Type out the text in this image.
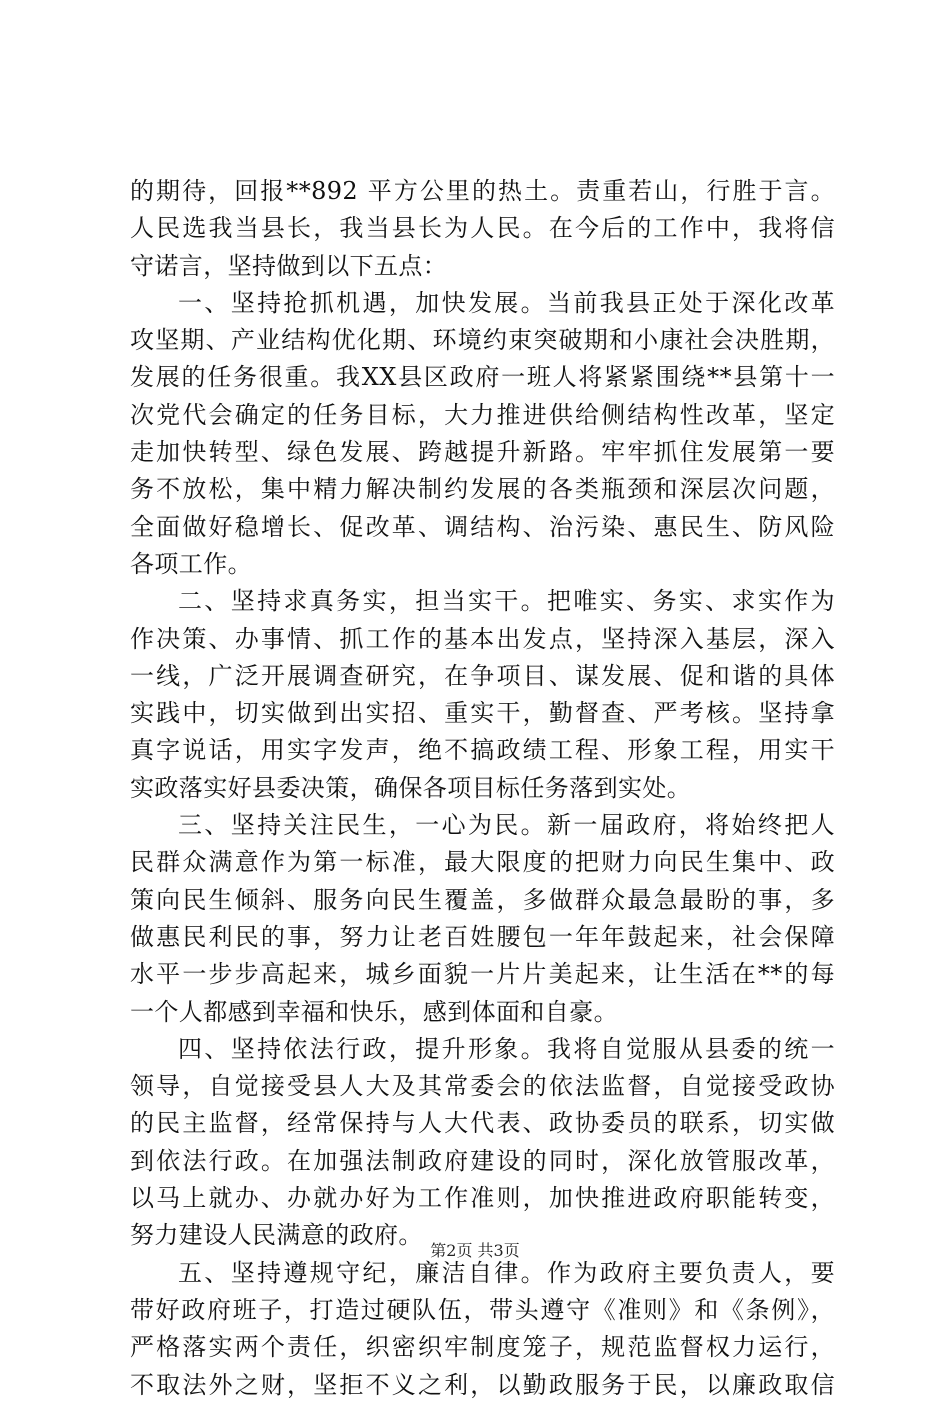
的期待，回报**892 平方公里的热土。责重若山，行胜于言。
人民选我当县长，我当县长为人民。在今后的工作中，我将信
守诺言，坚持做到以下五点：
一、坚持抢抓机遇，加快发展。当前我县正处于深化改革
攻坚期、产业结构优化期、环境约束突破期和小康社会决胜期，
发展的任务很重。我XX县区政府一班人将紧紧围绕**县第十一
次党代会确定的任务目标，大力推进供给侧结构性改革，坚定
走加快转型、绿色发展、跨越提升新路。牢牢抓住发展第一要
务不放松，集中精力解决制约发展的各类瓶颈和深层次问题，
全面做好稳增长、促改革、调结构、治污染、惠民生、防风险
各项工作。
二、坚持求真务实，担当实干。把唯实、务实、求实作为
作决策、办事情、抓工作的基本出发点，坚持深入基层，深入
一线，广泛开展调查研究，在争项目、谋发展、促和谐的具体
实践中，切实做到出实招、重实干，勤督查、严考核。坚持拿
真字说话，用实字发声，绝不搞政绩工程、形象工程，用实干
实政落实好县委决策，确保各项目标任务落到实处。
三、坚持关注民生，一心为民。新一届政府，将始终把人
民群众满意作为第一标准，最大限度的把财力向民生集中、政
策向民生倾斜、服务向民生覆盖，多做群众最急最盼的事，多
做惠民利民的事，努力让老百姓腰包一年年鼓起来，社会保障
水平一步步高起来，城乡面貌一片片美起来，让生活在**的每
一个人都感到幸福和快乐，感到体面和自豪。
四、坚持依法行政，提升形象。我将自觉服从县委的统一
领导，自觉接受县人大及其常委会的依法监督，自觉接受政协
的民主监督，经常保持与人大代表、政协委员的联系，切实做
到依法行政。在加强法制政府建设的同时，深化放管服改革，
以马上就办、办就办好为工作准则，加快推进政府职能转变，
努力建设人民满意的政府。
五、坚持遵规守纪，廉洁自律。作为政府主要负责人，要
带好政府班子，打造过硬队伍，带头遵守《准则》和《条例》，
严格落实两个责任，织密织牢制度笼子，规范监督权力运行，
不取法外之财，坚拒不义之利，以勤政服务于民，以廉政取信
第2页 共3页
